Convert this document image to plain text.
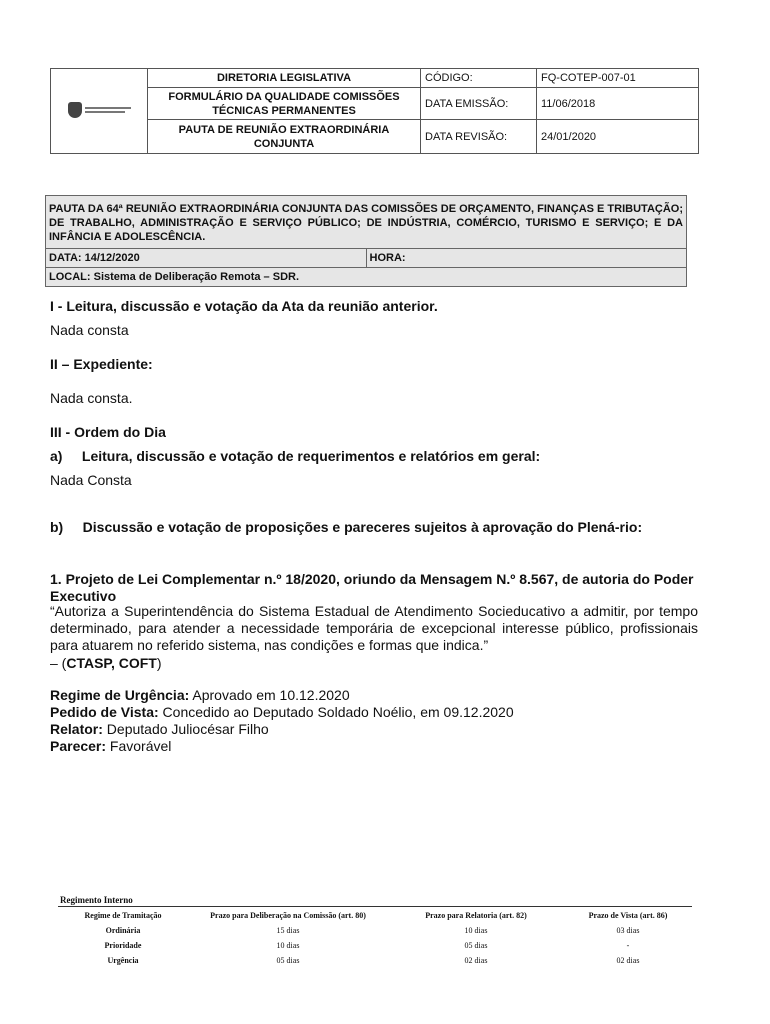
	DIRETORIA LEGISLATIVA	CÓDIGO:	FQ-COTEP-007-01
	FORMULÁRIO DA QUALIDADE COMISSÕES TÉCNICAS PERMANENTES	DATA EMISSÃO:	11/06/2018
	PAUTA DE REUNIÃO EXTRAORDINÁRIA CONJUNTA	DATA REVISÃO:	24/01/2020
PAUTA DA 64ª REUNIÃO EXTRAORDINÁRIA CONJUNTA DAS COMISSÕES DE ORÇAMENTO, FINANÇAS E TRIBUTAÇÃO; DE TRABALHO, ADMINISTRAÇÃO E SERVIÇO PÚBLICO; DE INDÚSTRIA, COMÉRCIO, TURISMO E SERVIÇO; E DA INFÂNCIA E ADOLESCÊNCIA.
DATA: 14/12/2020	HORA:
LOCAL: Sistema de Deliberação Remota – SDR.
I - Leitura, discussão e votação da Ata da reunião anterior.
Nada consta
II – Expediente:
Nada consta.
III - Ordem do Dia
a)     Leitura, discussão e votação de requerimentos e relatórios em geral:
Nada Consta
b)     Discussão e votação de proposições e pareceres sujeitos à aprovação do Plená-rio:
1. Projeto de Lei Complementar n.º 18/2020, oriundo da Mensagem N.º 8.567, de autoria do Poder Executivo
“Autoriza a Superintendência do Sistema Estadual de Atendimento Socieducativo a admitir, por tempo determinado, para atender a necessidade temporária de excepcional interesse público, profissionais para atuarem no referido sistema, nas condições e formas que indica.”
– (CTASP, COFT)
Regime de Urgência: Aprovado em 10.12.2020
Pedido de Vista: Concedido ao Deputado Soldado Noélio, em 09.12.2020
Relator: Deputado Juliocésar Filho
Parecer: Favorável
Regimento Interno
Regime de Tramitação	Prazo para Deliberação na Comissão (art. 80)	Prazo para Relatoria (art. 82)	Prazo de Vista (art. 86)
Ordinária	15 dias	10 dias	03 dias
Prioridade	10 dias	05 dias	-
Urgência	05 dias	02 dias	02 dias
